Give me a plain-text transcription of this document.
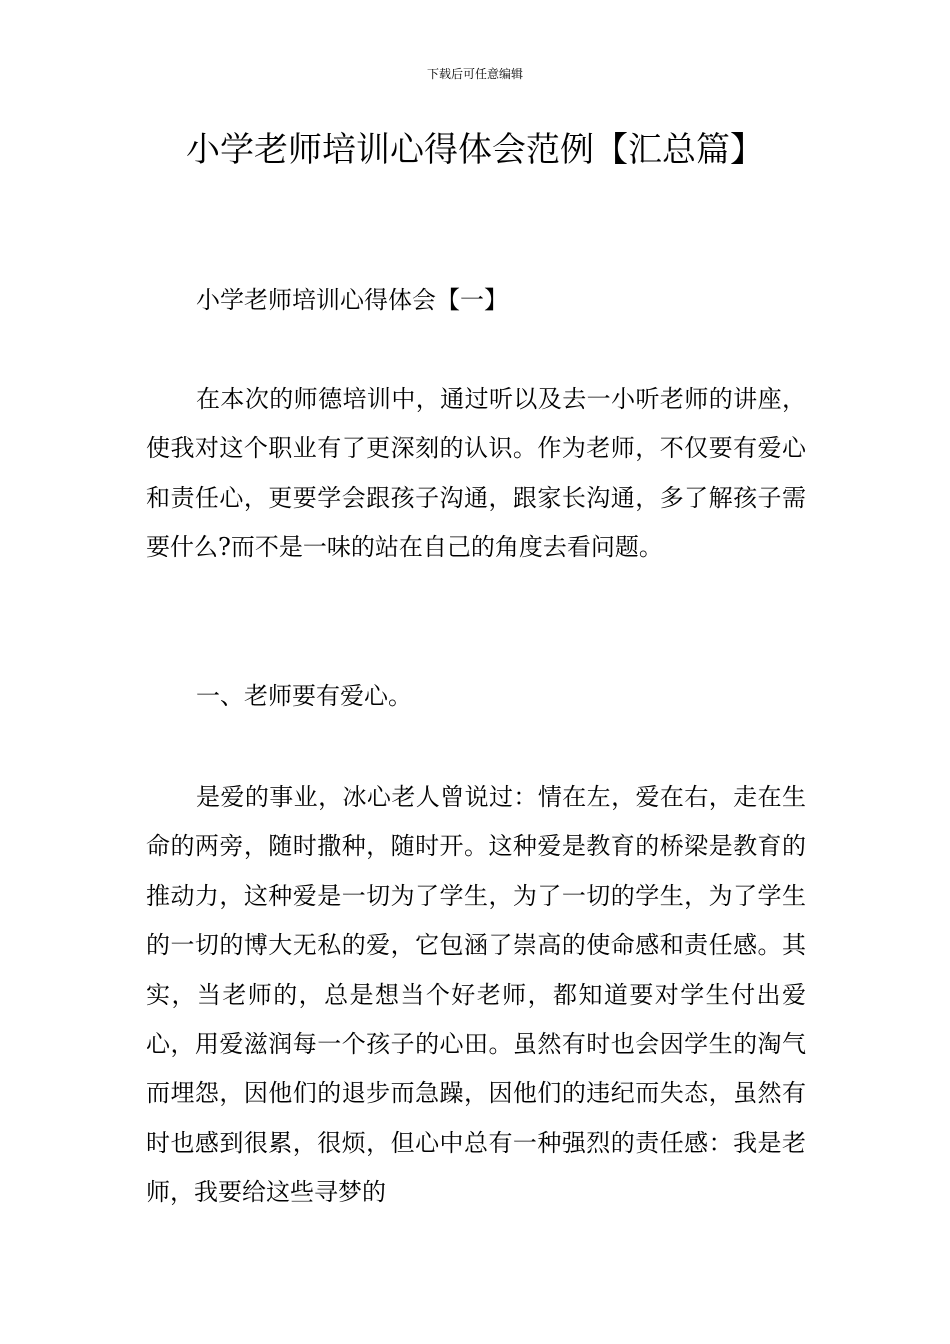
下载后可任意编辑
小学老师培训心得体会范例【汇总篇】
小学老师培训心得体会【一】

在本次的师德培训中，通过听以及去一小听老师的讲座，使我对这个职业有了更深刻的认识。作为老师，不仅要有爱心和责任心，更要学会跟孩子沟通，跟家长沟通，多了解孩子需要什么?而不是一味的站在自己的角度去看问题。

一、老师要有爱心。

是爱的事业，冰心老人曾说过：情在左，爱在右，走在生命的两旁，随时撒种，随时开。这种爱是教育的桥梁是教育的推动力，这种爱是一切为了学生，为了一切的学生，为了学生的一切的博大无私的爱，它包涵了崇高的使命感和责任感。其实，当老师的，总是想当个好老师，都知道要对学生付出爱心，用爱滋润每一个孩子的心田。虽然有时也会因学生的淘气而埋怨，因他们的退步而急躁，因他们的违纪而失态，虽然有时也感到很累，很烦，但心中总有一种强烈的责任感：我是老师，我要给这些寻梦的
